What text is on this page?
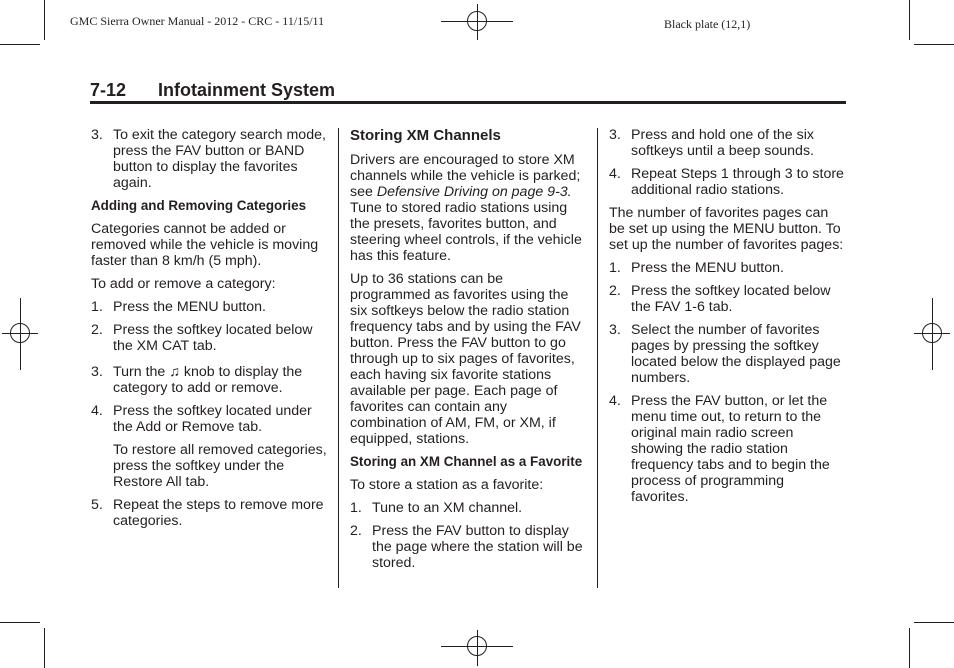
GMC Sierra Owner Manual - 2012 - CRC - 11/15/11	Black plate (12,1)
7-12 Infotainment System
3. To exit the category search mode, press the FAV button or BAND button to display the favorites again.

Adding and Removing Categories

Categories cannot be added or removed while the vehicle is moving faster than 8 km/h (5 mph).

To add or remove a category:

1. Press the MENU button.
2. Press the softkey located below the XM CAT tab.
3. Turn the ♫ knob to display the category to add or remove.
4. Press the softkey located under the Add or Remove tab.

To restore all removed categories, press the softkey under the Restore All tab.

5. Repeat the steps to remove more categories.
Storing XM Channels

Drivers are encouraged to store XM channels while the vehicle is parked; see Defensive Driving on page 9-3. Tune to stored radio stations using the presets, favorites button, and steering wheel controls, if the vehicle has this feature.

Up to 36 stations can be programmed as favorites using the six softkeys below the radio station frequency tabs and by using the FAV button. Press the FAV button to go through up to six pages of favorites, each having six favorite stations available per page. Each page of favorites can contain any combination of AM, FM, or XM, if equipped, stations.

Storing an XM Channel as a Favorite

To store a station as a favorite:

1. Tune to an XM channel.
2. Press the FAV button to display the page where the station will be stored.
3. Press and hold one of the six softkeys until a beep sounds.
4. Repeat Steps 1 through 3 to store additional radio stations.

The number of favorites pages can be set up using the MENU button. To set up the number of favorites pages:

1. Press the MENU button.
2. Press the softkey located below the FAV 1-6 tab.
3. Select the number of favorites pages by pressing the softkey located below the displayed page numbers.
4. Press the FAV button, or let the menu time out, to return to the original main radio screen showing the radio station frequency tabs and to begin the process of programming favorites.
